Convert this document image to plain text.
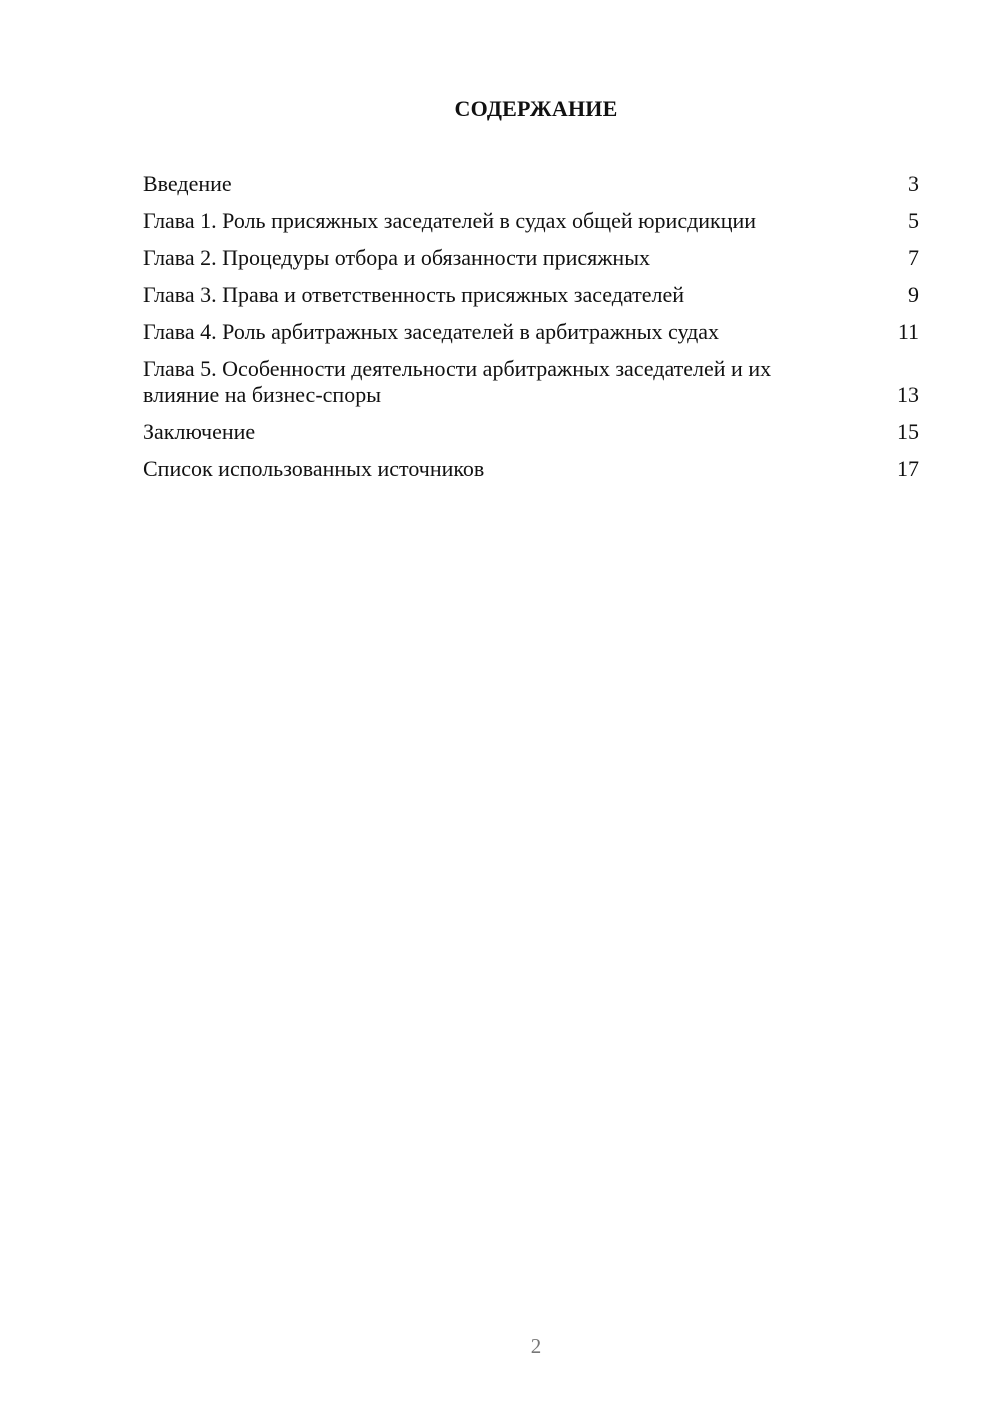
СОДЕРЖАНИЕ
Введение	3
Глава 1. Роль присяжных заседателей в судах общей юрисдикции	5
Глава 2. Процедуры отбора и обязанности присяжных	7
Глава 3. Права и ответственность присяжных заседателей	9
Глава 4. Роль арбитражных заседателей в арбитражных судах	11
Глава 5. Особенности деятельности арбитражных заседателей и их влияние на бизнес-споры	13
Заключение	15
Список использованных источников	17
2
